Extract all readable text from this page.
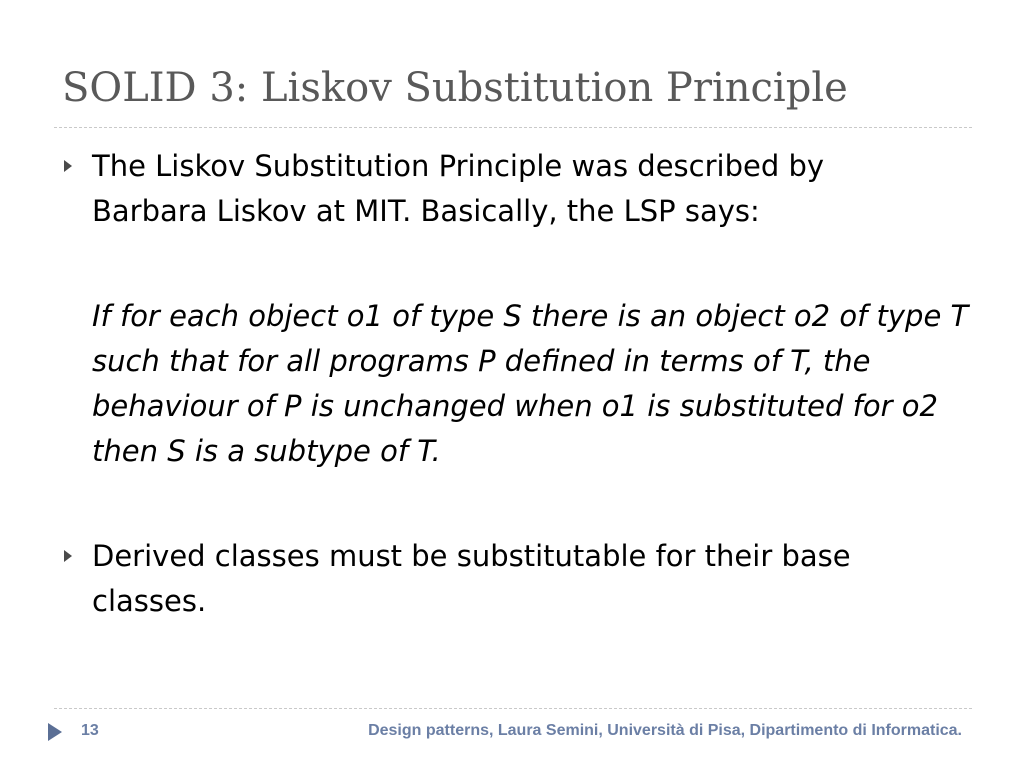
SOLID 3: Liskov Substitution Principle
The Liskov Substitution Principle was described by
Barbara Liskov at MIT. Basically, the LSP says:
If for each object o1 of type S there is an object o2 of type T
such that for all programs P defined in terms of T, the
behaviour of P is unchanged when o1 is substituted for o2
then S is a subtype of T.
Derived classes must be substitutable for their base
classes.
13	Design patterns, Laura Semini, Università di Pisa, Dipartimento di Informatica.
